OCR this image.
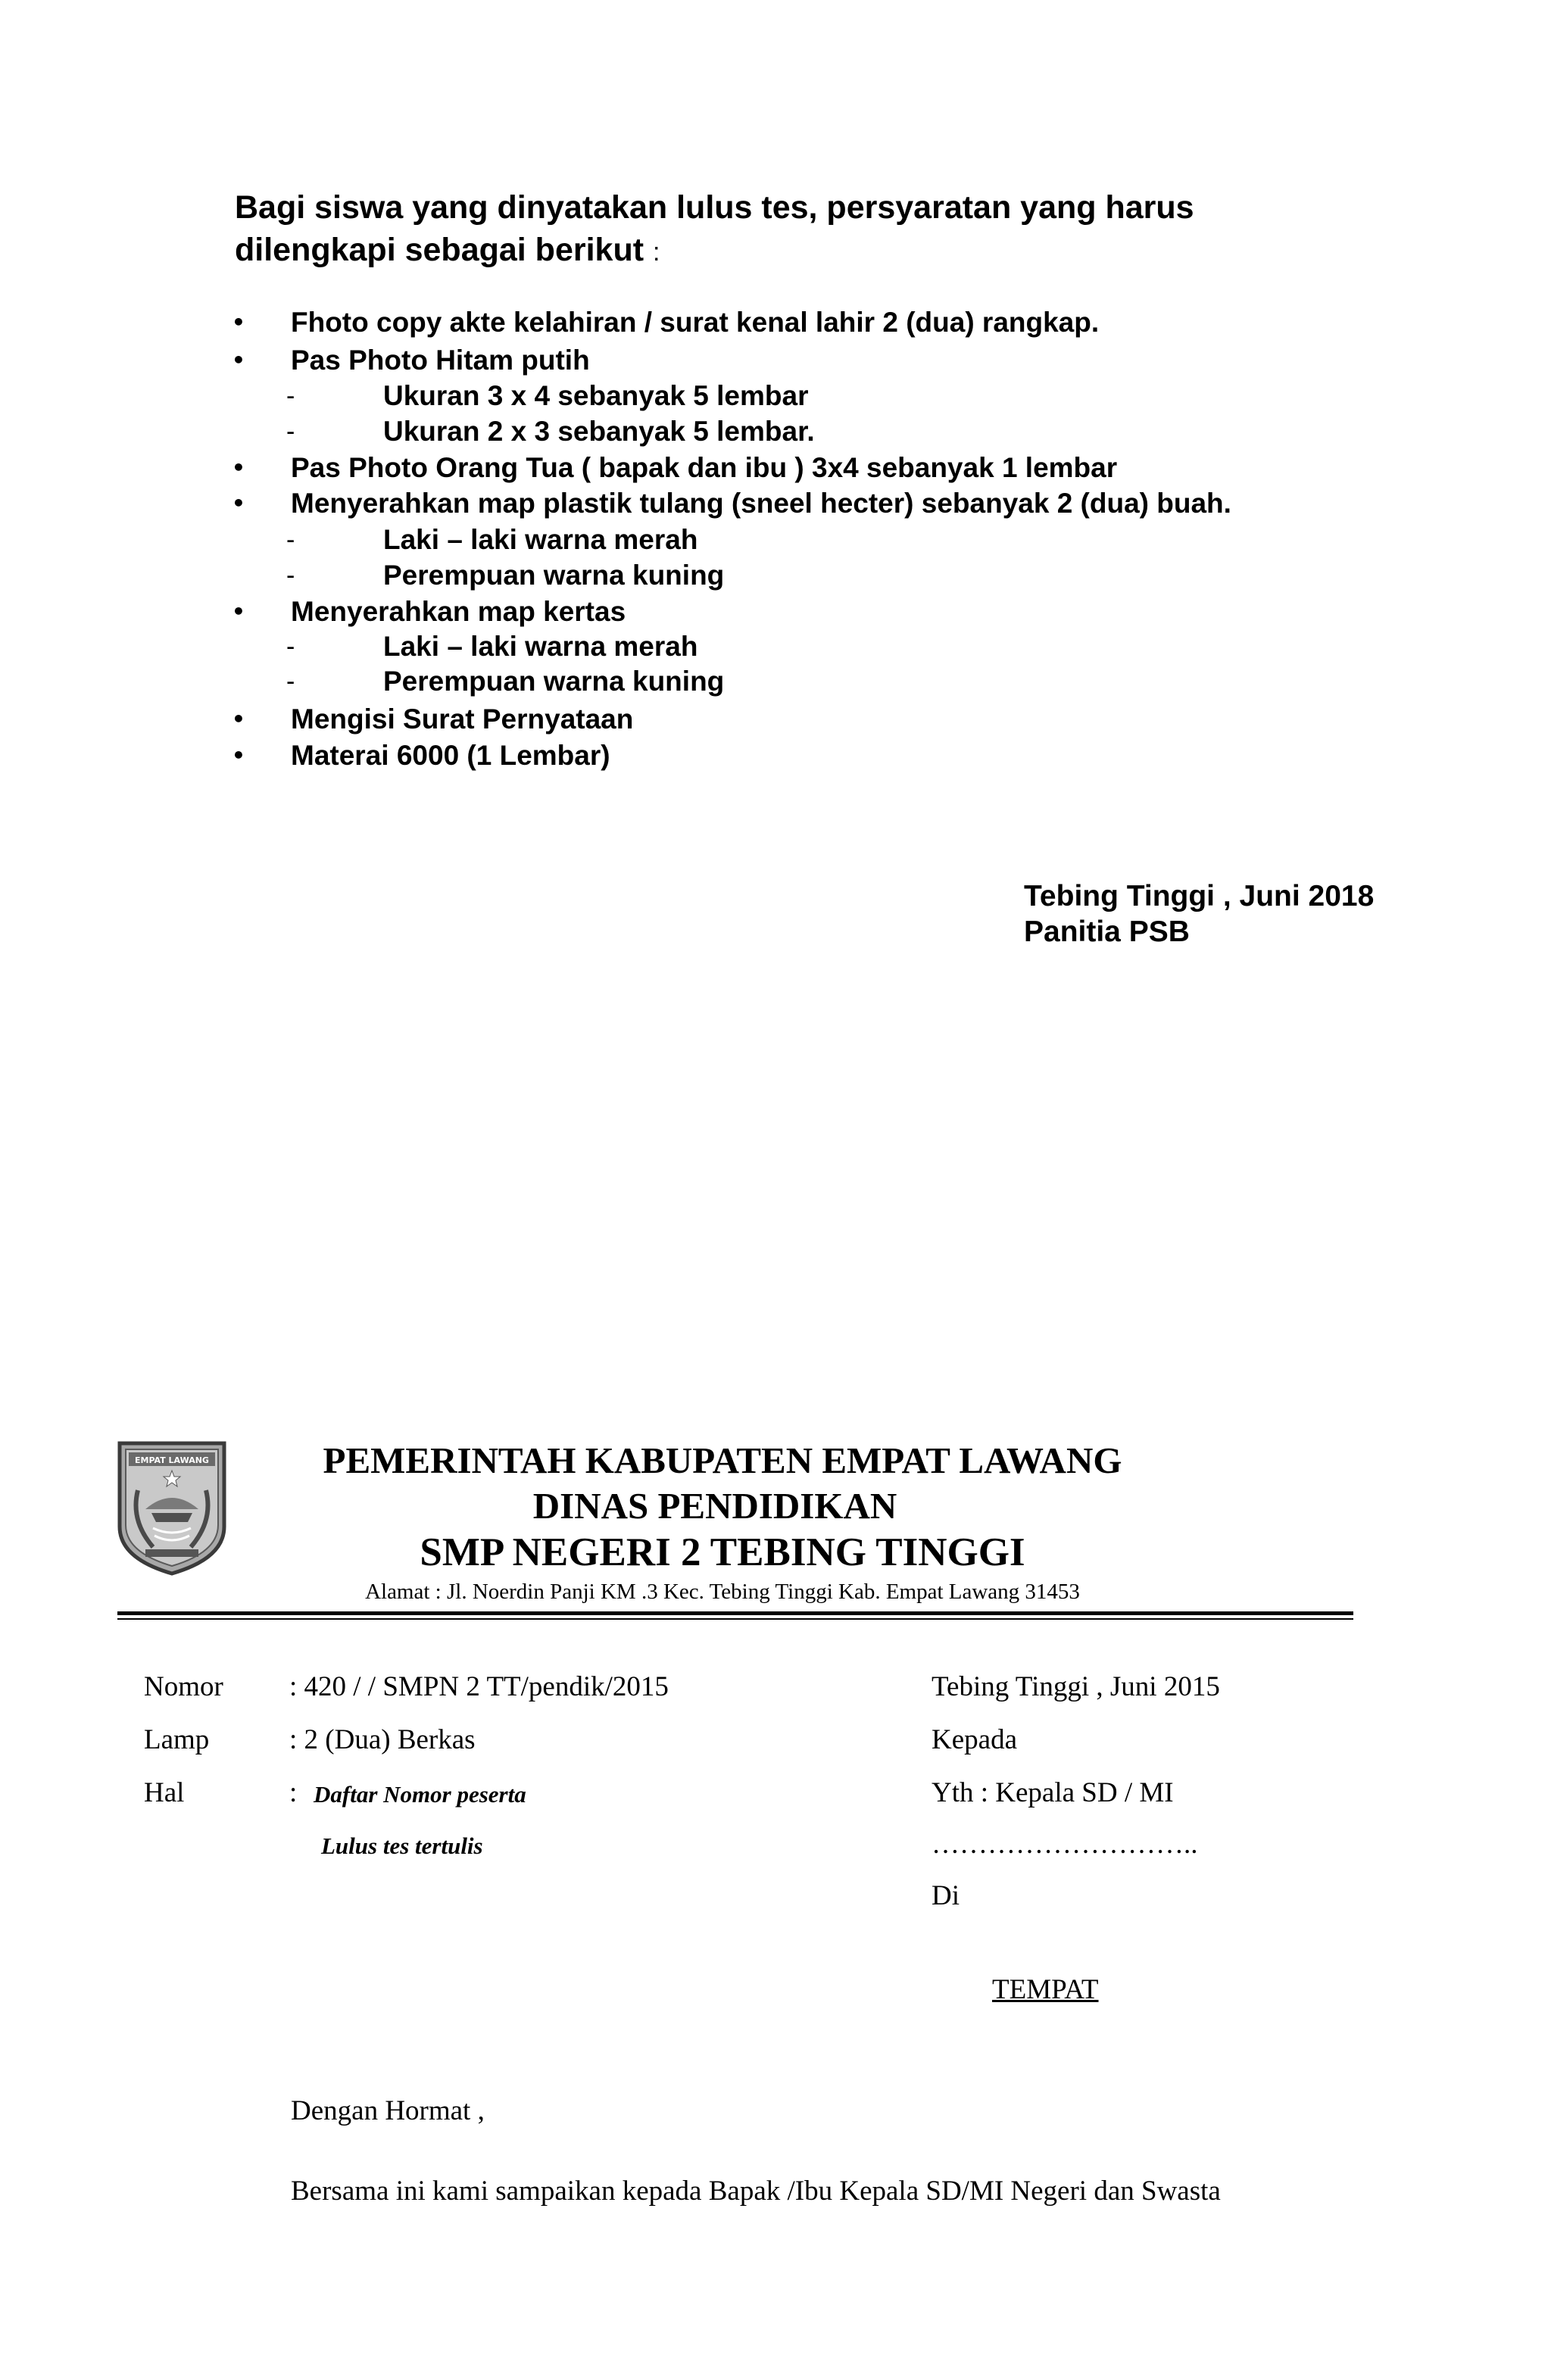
Bagi siswa yang dinyatakan lulus tes, persyaratan yang harus
dilengkapi sebagai berikut :
• Fhoto copy akte kelahiran / surat kenal lahir 2 (dua) rangkap.
• Pas Photo Hitam putih
-	Ukuran 3 x 4 sebanyak 5 lembar
-	Ukuran 2 x 3 sebanyak 5 lembar.
• Pas Photo Orang Tua ( bapak dan ibu ) 3x4 sebanyak 1 lembar
• Menyerahkan map plastik tulang (sneel hecter) sebanyak 2 (dua) buah.
-	Laki – laki warna merah
-	Perempuan warna kuning
• Menyerahkan map kertas
-	Laki – laki warna merah
-	Perempuan warna kuning
• Mengisi Surat Pernyataan
• Materai 6000 (1 Lembar)
Tebing Tinggi , Juni 2018
Panitia PSB
EMPAT LAWANG	PEMERINTAH KABUPATEN EMPAT LAWANG
DINAS PENDIDIKAN
SMP NEGERI 2 TEBING TINGGI
Alamat : Jl. Noerdin Panji KM .3 Kec. Tebing Tinggi Kab. Empat Lawang 31453
Nomor : 420 / / SMPN 2 TT/pendik/2015
Lamp	: 2 (Dua) Berkas
Hal	: Daftar Nomor peserta
Lulus tes tertulis
Tebing Tinggi , Juni 2015
Kepada
Yth : Kepala SD / MI
………………………..
Di
TEMPAT
Dengan Hormat ,
Bersama ini kami sampaikan kepada Bapak /Ibu Kepala SD/MI Negeri dan Swasta
